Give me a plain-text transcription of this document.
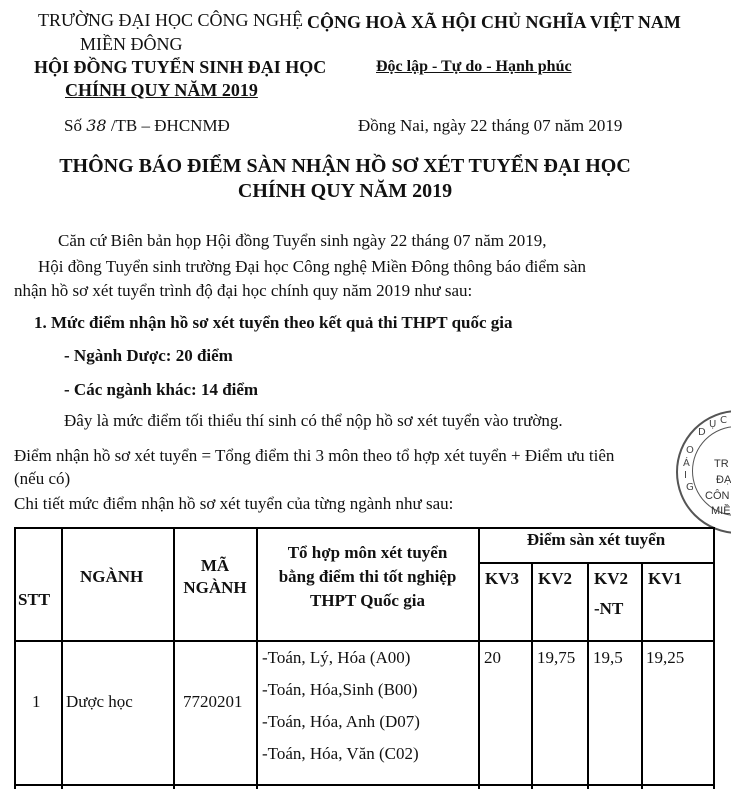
TRƯỜNG ĐẠI HỌC CÔNG NGHỆ
MIỀN ĐÔNG
HỘI ĐỒNG TUYỂN SINH ĐẠI HỌC
CHÍNH QUY NĂM 2019
CỘNG HOÀ XÃ HỘI CHỦ NGHĨA VIỆT NAM
Độc lập - Tự do - Hạnh phúc
Số 38 /TB – ĐHCNMĐ	Đồng Nai, ngày 22 tháng 07 năm 2019
THÔNG BÁO ĐIỂM SÀN NHẬN HỒ SƠ XÉT TUYỂN ĐẠI HỌC
CHÍNH QUY NĂM 2019
Căn cứ Biên bản họp Hội đồng Tuyển sinh ngày 22 tháng 07 năm 2019,
Hội đồng Tuyển sinh trường Đại học Công nghệ Miền Đông thông báo điểm sàn
nhận hồ sơ xét tuyển trình độ đại học chính quy năm 2019 như sau:
1. Mức điểm nhận hồ sơ xét tuyển theo kết quả thi THPT quốc gia
- Ngành Dược: 20 điểm
- Các ngành khác: 14 điểm
Đây là mức điểm tối thiểu thí sinh có thể nộp hồ sơ xét tuyển vào trường.
Điểm nhận hồ sơ xét tuyển = Tổng điểm thi 3 môn theo tổ hợp xét tuyển + Điểm ưu tiên
(nếu có)
Chi tiết mức điểm nhận hồ sơ xét tuyển của từng ngành như sau:
G
I
Á
O
D
Ụ C
TR
ĐẠ
CÔN
MIỀ
STT
NGÀNH
MÃ
NGÀNH
Tổ hợp môn xét tuyển
bằng điểm thi tốt nghiệp
THPT Quốc gia
Điểm sàn xét tuyển
KV3 KV2 KV2
-NT
KV1
1 Dược học	7720201
-Toán, Lý, Hóa (A00)
-Toán, Hóa,Sinh (B00)
-Toán, Hóa, Anh (D07)
-Toán, Hóa, Văn (C02)
20 19,75 19,5 19,25
